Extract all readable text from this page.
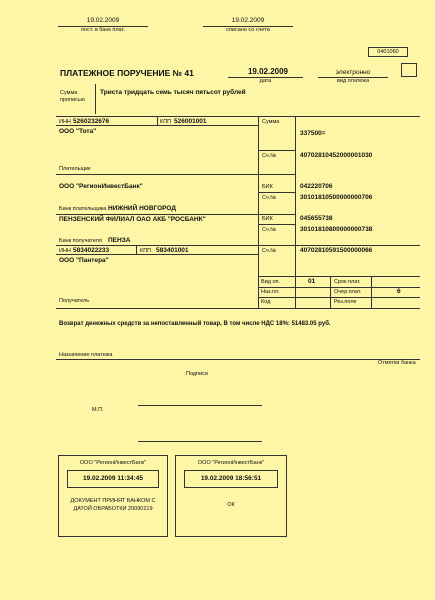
19.02.2009
пост. в банк плат.
19.02.2009
списано со счета
0401060
ПЛАТЕЖНОЕ ПОРУЧЕНИЕ № 41	19.02.2009
дата
электронно
вид платежа
Сумма
прописью
Триста тридцать семь тысяч пятьсот рублей
ИНН 5260232676	КПП 526001001
ООО "Тота"
Плательщик
Сумма
337500=
Сч.№	40702810452000001030
ООО "РегионИнвестБанк"	БИК	042220706
Сч.№	30101810500000000706
Банк плательщика НИЖНИЙ НОВГОРОД
ПЕНЗЕНСКИЙ ФИЛИАЛ ОАО АКБ "РОСБАНК"	БИК	045655738
Сч.№	30101810800000000738
Банк получателя ПЕНЗА
ИНН 5834022233	КПП 583401001
ООО "Пантера"
Получатель
Сч.№	40702810591500000066
Вид оп.	01
Наз.пл.
Код
Срок плат.
Очер.плат.	6
Рез.поле
Возврат денежных средств за непоставленный товар, В том числе НДС 18%: 51483.05 руб.
Назначение платежа
Отметки банка
Подписи
М.П.
ООО "РегионИнвестБанк"
19.02.2009 11:34:45
ДОКУМЕНТ ПРИНЯТ БАНКОМ С
ДАТОЙ ОБРАБОТКИ 20090219
ООО "РегионИнвестБанк"
19.02.2009 18:56:51
ОК
